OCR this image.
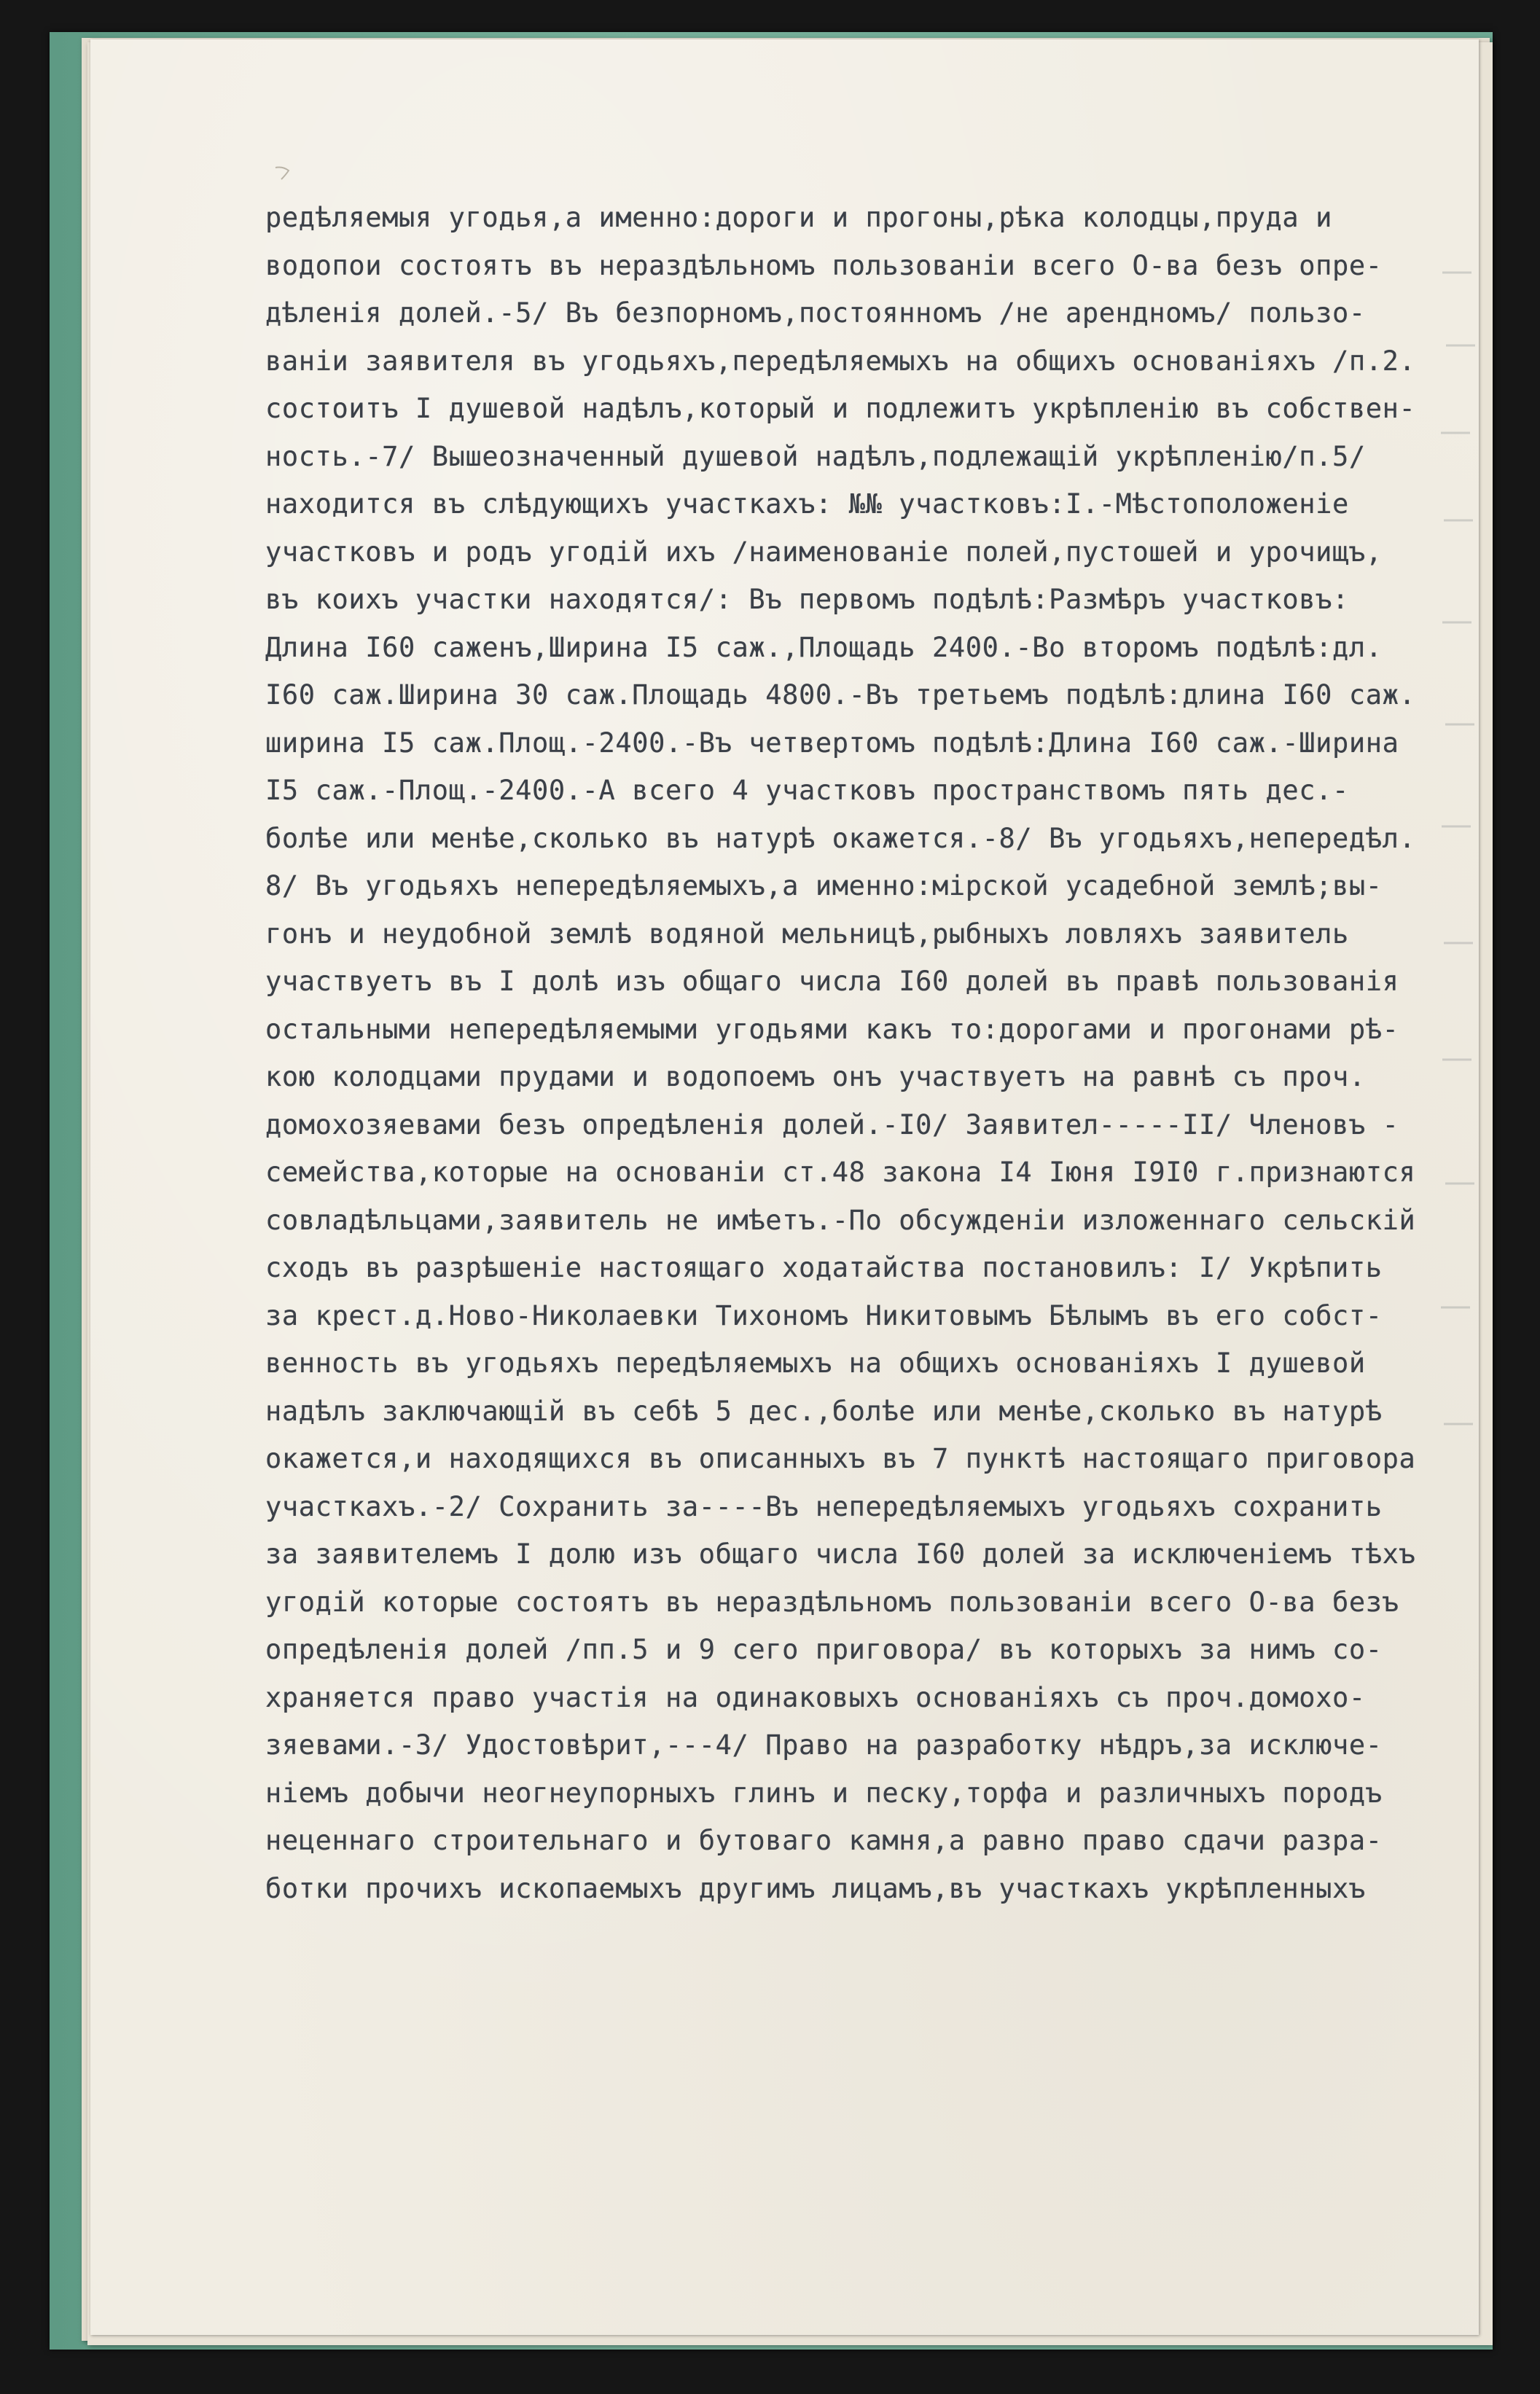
редѣляемыя угодья,а именно:дороги и прогоны,рѣка колодцы,пруда и
водопои состоятъ въ нераздѣльномъ пользованіи всего О-ва безъ опре-
дѣленія долей.-5/ Въ безпорномъ,постоянномъ /не арендномъ/ пользо-
ваніи заявителя въ угодьяхъ,передѣляемыхъ на общихъ основаніяхъ /п.2.
состоитъ I душевой надѣлъ,который и подлежитъ укрѣпленію въ собствен-
ность.-7/ Вышеозначенный душевой надѣлъ,подлежащій укрѣпленію/п.5/
находится въ слѣдующихъ участкахъ: №№ участковъ:I.-Мѣстоположеніе
участковъ и родъ угодій ихъ /наименованіе полей,пустошей и урочищъ,
въ коихъ участки находятся/: Въ первомъ подѣлѣ:Размѣръ участковъ:
Длина I60 саженъ,Ширина I5 саж.,Площадь 2400.-Во второмъ подѣлѣ:дл.
I60 саж.Ширина 30 саж.Площадь 4800.-Въ третьемъ подѣлѣ:длина I60 саж.
ширина I5 саж.Площ.-2400.-Въ четвертомъ подѣлѣ:Длина I60 саж.-Ширина
I5 саж.-Площ.-2400.-А всего 4 участковъ пространствомъ пять дес.-
болѣе или менѣе,сколько въ натурѣ окажется.-8/ Въ угодьяхъ,непередѣл.
8/ Въ угодьяхъ непередѣляемыхъ,а именно:мірской усадебной землѣ;вы-
гонъ и неудобной землѣ водяной мельницѣ,рыбныхъ ловляхъ заявитель
участвуетъ въ I долѣ изъ общаго числа I60 долей въ правѣ пользованія
остальными непередѣляемыми угодьями какъ то:дорогами и прогонами рѣ-
кою колодцами прудами и водопоемъ онъ участвуетъ на равнѣ съ проч.
домохозяевами безъ опредѣленія долей.-I0/ Заявител-----II/ Членовъ -
семейства,которые на основаніи ст.48 закона I4 Іюня I9I0 г.признаются
совладѣльцами,заявитель не имѣетъ.-По обсужденіи изложеннаго сельскій
сходъ въ разрѣшеніе настоящаго ходатайства постановилъ: I/ Укрѣпить
за крест.д.Ново-Николаевки Тихономъ Никитовымъ Бѣлымъ въ его собст-
венность въ угодьяхъ передѣляемыхъ на общихъ основаніяхъ I душевой
надѣлъ заключающій въ себѣ 5 дес.,болѣе или менѣе,сколько въ натурѣ
окажется,и находящихся въ описанныхъ въ 7 пунктѣ настоящаго приговора
участкахъ.-2/ Сохранить за----Въ непередѣляемыхъ угодьяхъ сохранить
за заявителемъ I долю изъ общаго числа I60 долей за исключеніемъ тѣхъ
угодій которые состоятъ въ нераздѣльномъ пользованіи всего О-ва безъ
опредѣленія долей /пп.5 и 9 сего приговора/ въ которыхъ за нимъ со-
храняется право участія на одинаковыхъ основаніяхъ съ проч.домохо-
зяевами.-3/ Удостовѣрит,---4/ Право на разработку нѣдръ,за исключе-
ніемъ добычи неогнеупорныхъ глинъ и песку,торфа и различныхъ породъ
неценнаго строительнаго и бутоваго камня,а равно право сдачи разра-
ботки прочихъ ископаемыхъ другимъ лицамъ,въ участкахъ укрѣпленныхъ
